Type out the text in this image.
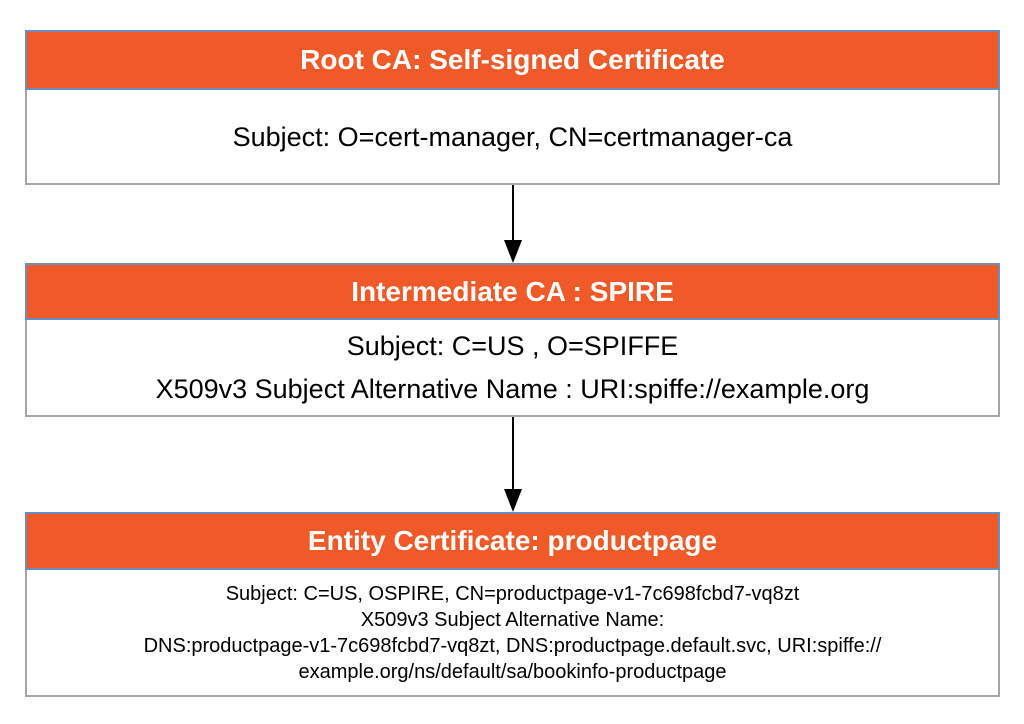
Root CA: Self-signed Certificate
Subject: O=cert-manager, CN=certmanager-ca
Intermediate CA : SPIRE
Subject: C=US , O=SPIFFE
X509v3 Subject Alternative Name : URI:spiffe://example.org
Entity Certificate: productpage
Subject: C=US, OSPIRE, CN=productpage-v1-7c698fcbd7-vq8zt
X509v3 Subject Alternative Name:
DNS:productpage-v1-7c698fcbd7-vq8zt, DNS:productpage.default.svc, URI:spiffe://
example.org/ns/default/sa/bookinfo-productpage
